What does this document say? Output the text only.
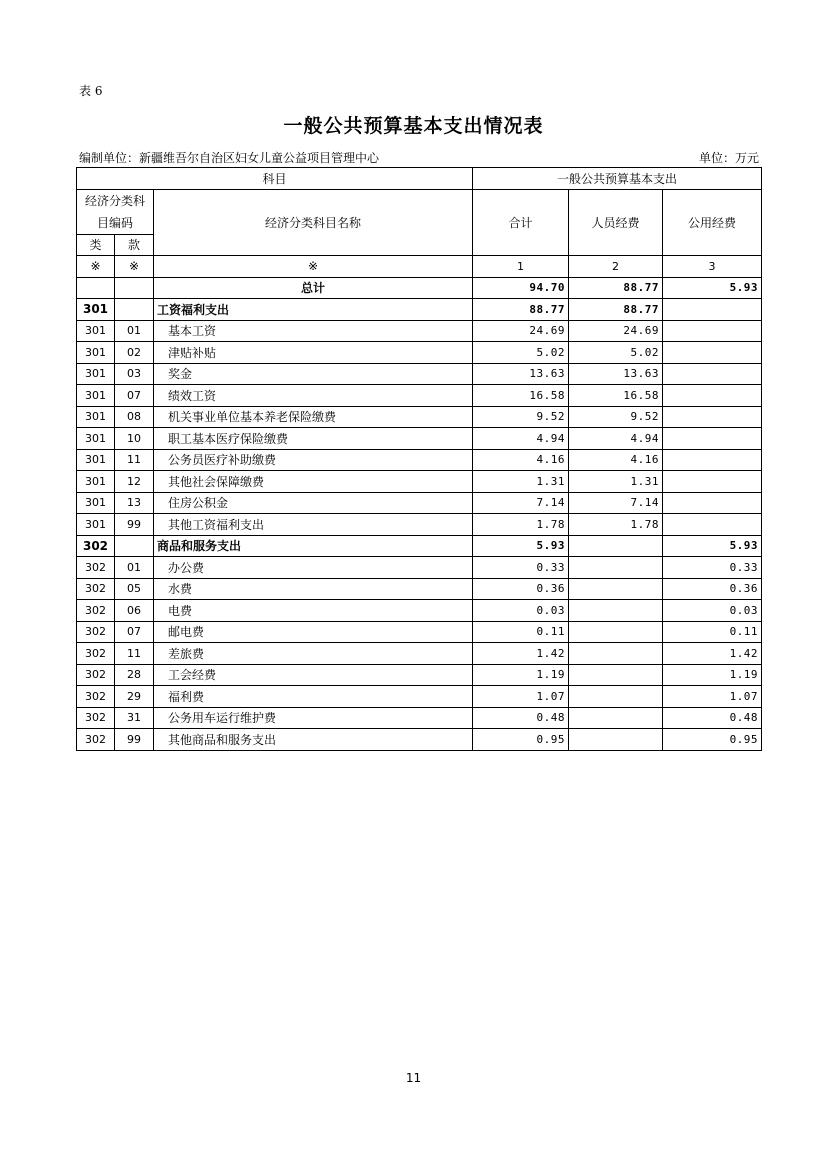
表 6
一般公共预算基本支出情况表
编制单位：新疆维吾尔自治区妇女儿童公益项目管理中心	单位：万元
科目			一般公共预算基本支出		
经济分类科目编码		经济分类科目名称	合计	人员经费	公用经费
类	款				
※	※	※	1	2	3
		总计	94.70	88.77	5.93
301		工资福利支出	88.77	88.77	
301	01	基本工资	24.69	24.69	
301	02	津贴补贴	5.02	5.02	
301	03	奖金	13.63	13.63	
301	07	绩效工资	16.58	16.58	
301	08	机关事业单位基本养老保险缴费	9.52	9.52	
301	10	职工基本医疗保险缴费	4.94	4.94	
301	11	公务员医疗补助缴费	4.16	4.16	
301	12	其他社会保障缴费	1.31	1.31	
301	13	住房公积金	7.14	7.14	
301	99	其他工资福利支出	1.78	1.78	
302		商品和服务支出	5.93		5.93
302	01	办公费	0.33		0.33
302	05	水费	0.36		0.36
302	06	电费	0.03		0.03
302	07	邮电费	0.11		0.11
302	11	差旅费	1.42		1.42
302	28	工会经费	1.19		1.19
302	29	福利费	1.07		1.07
302	31	公务用车运行维护费	0.48		0.48
302	99	其他商品和服务支出	0.95		0.95
11
